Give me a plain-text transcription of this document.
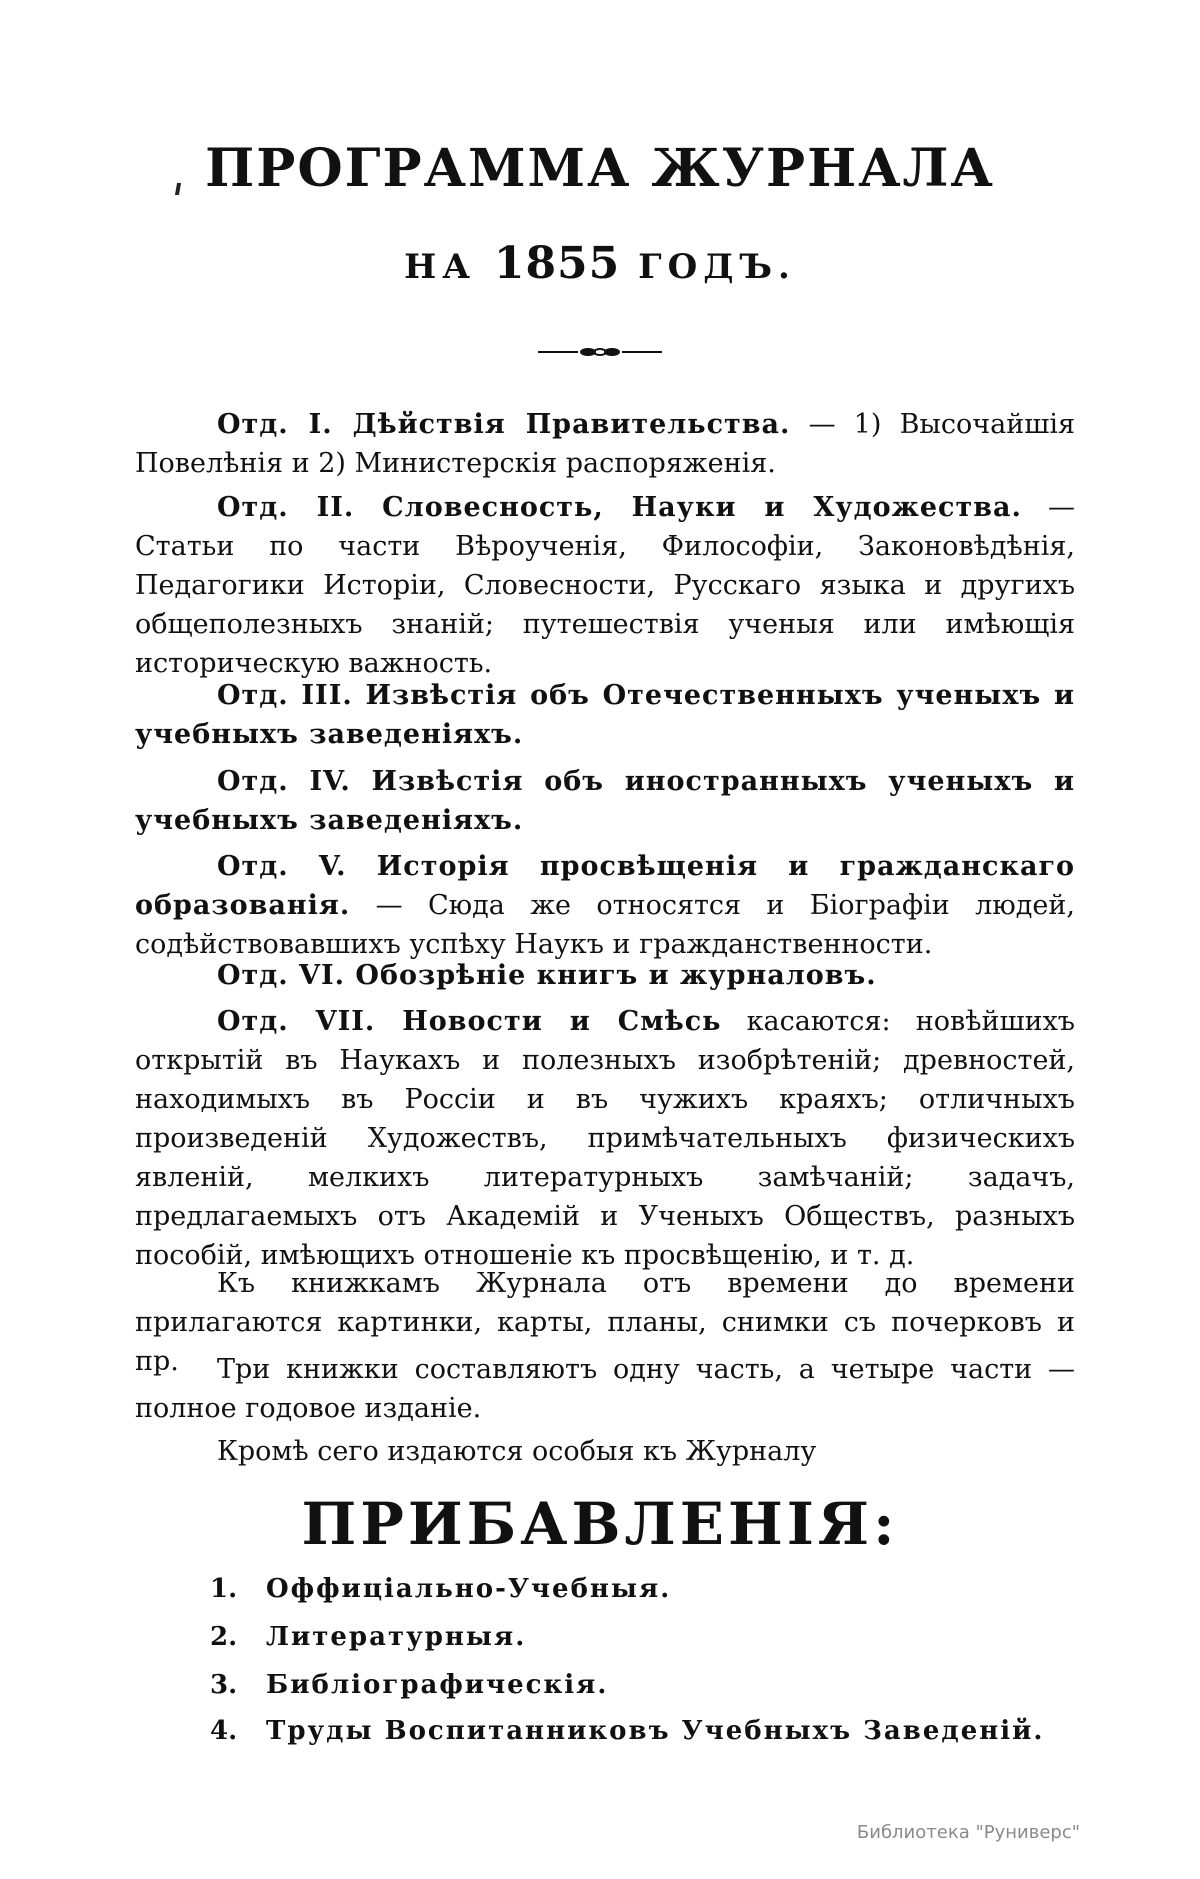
ПРОГРАММА ЖУРНАЛА
НА 1855 ГОДЪ.

Отд. I. Дѣйствія Правительства. — 1) Высочайшія Повелѣнія и 2) Министерскія распоряженія.

Отд. II. Словесность, Науки и Художества. — Статьи по части Вѣроученія, Философіи, Законовѣдѣнія, Педагогики Исторіи, Словесности, Русскаго языка и другихъ общеполезныхъ знаній; путешествія ученыя или имѣющія историческую важность.

Отд. III. Извѣстія объ Отечественныхъ ученыхъ и учебныхъ заведеніяхъ.

Отд. IV. Извѣстія объ иностранныхъ ученыхъ и учебныхъ заведеніяхъ.

Отд. V. Исторія просвѣщенія и гражданскаго образованія. — Сюда же относятся и Біографіи людей, содѣйствовавшихъ успѣху Наукъ и гражданственности.

Отд. VI. Обозрѣніе книгъ и журналовъ.

Отд. VII. Новости и Смѣсь касаются: новѣйшихъ открытій въ Наукахъ и полезныхъ изобрѣтеній; древностей, находимыхъ въ Россіи и въ чужихъ краяхъ; отличныхъ произведеній Художествъ, примѣчательныхъ физическихъ явленій, мелкихъ литературныхъ замѣчаній; задачъ, предлагаемыхъ отъ Академій и Ученыхъ Обществъ, разныхъ пособій, имѣющихъ отношеніе къ просвѣщенію, и т. д.

Къ книжкамъ Журнала отъ времени до времени прилагаются картинки, карты, планы, снимки съ почерковъ и пр.	Три книжки составляютъ одну часть, а четыре части — полное годовое изданіе.

Кромѣ сего издаются особыя къ Журналу

ПРИБАВЛЕНІЯ:
1. Оффиціально-Учебныя.
2. Литературныя.
3. Библіографическія.
4. Труды Воспитанниковъ Учебныхъ Заведеній.
Библиотека "Руниверс"
